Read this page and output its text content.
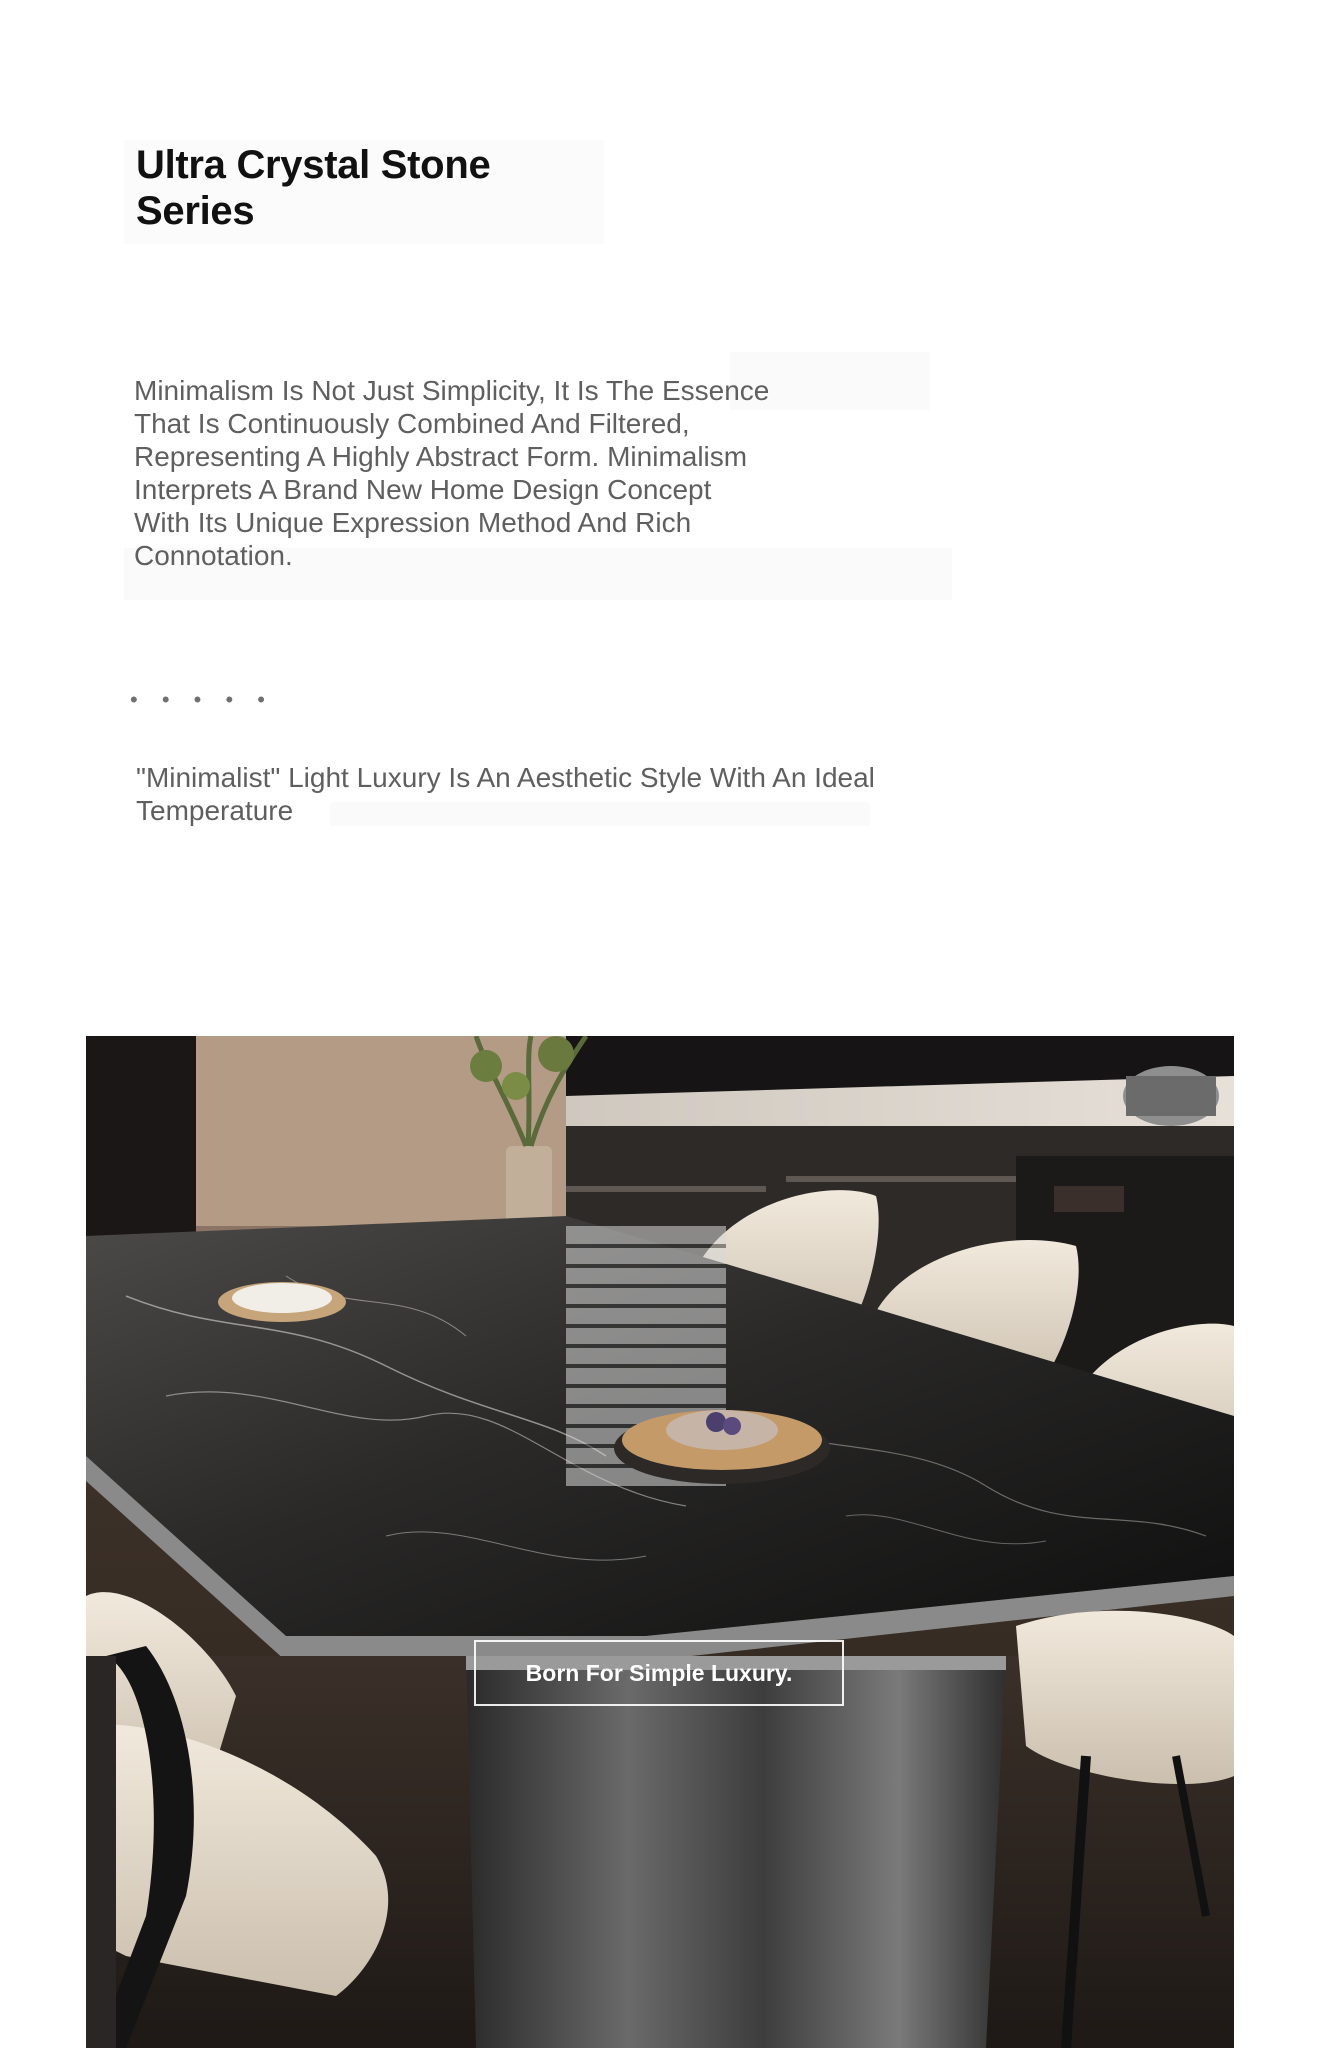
Ultra Crystal Stone Series

Minimalism Is Not Just Simplicity, It Is The Essence That Is Continuously Combined And Filtered, Representing A Highly Abstract Form. Minimalism Interprets A Brand New Home Design Concept With Its Unique Expression Method And Rich Connotation.

• • • • •

"Minimalist" Light Luxury Is An Aesthetic Style With An Ideal Temperature

Born For Simple Luxury.
